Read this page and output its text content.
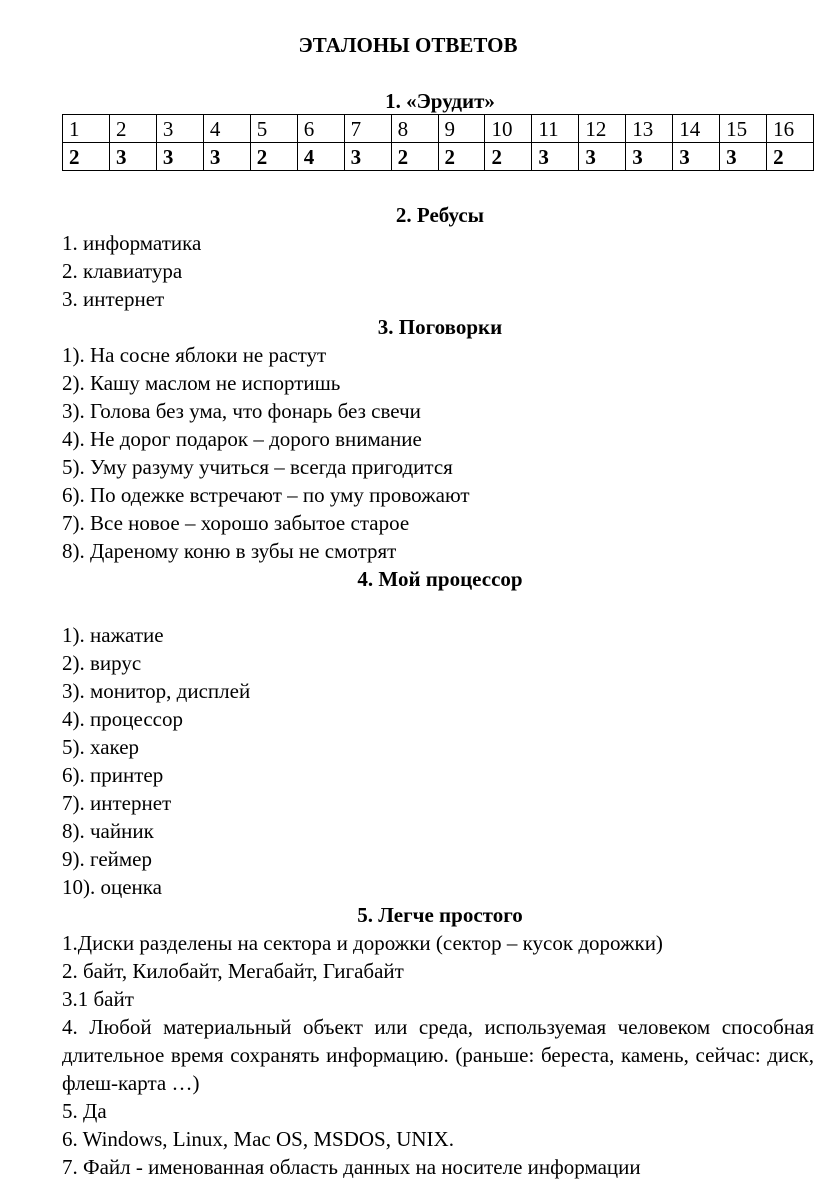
ЭТАЛОНЫ ОТВЕТОВ
1. «Эрудит»
1	2	3	4	5	6	7	8	9	10	11	12	13	14	15	16
2	3	3	3	2	4	3	2	2	2	3	3	3	3	3	2
2. Ребусы
1. информатика
2. клавиатура
3. интернет
3. Поговорки
1). На сосне яблоки не растут
2). Кашу маслом не испортишь
3). Голова без ума, что фонарь без свечи
4). Не дорог подарок – дорого внимание
5). Уму разуму учиться – всегда пригодится
6). По одежке встречают – по уму провожают
7). Все новое – хорошо забытое старое
8). Дареному коню в зубы не смотрят
4. Мой процессор
1). нажатие
2). вирус
3). монитор, дисплей
4). процессор
5). хакер
6). принтер
7). интернет
8). чайник
9). геймер
10). оценка
5. Легче простого
1.Диски разделены на сектора и дорожки (сектор – кусок дорожки)
2. байт, Килобайт, Мегабайт, Гигабайт
3.1 байт
4. Любой материальный объект или среда, используемая человеком способная длительное время сохранять информацию. (раньше: береста, камень, сейчас: диск, флеш-карта …)
5. Да
6. Windows, Linux, Mac OS, MSDOS, UNIX.
7. Файл - именованная область данных на носителе информации
